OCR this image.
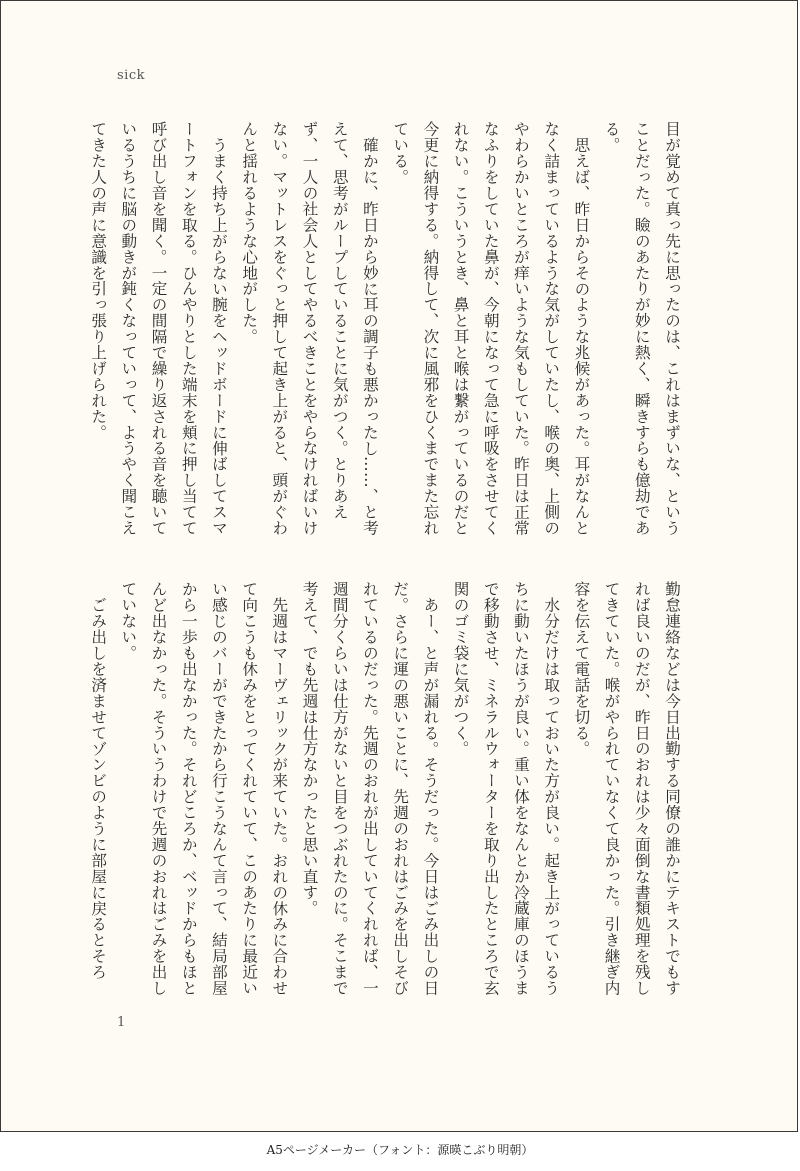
sick

目が覚めて真っ先に思ったのは、これはまずいな、ということだった。瞼のあたりが妙に熱く、瞬きすらも億劫である。

思えば、昨日からそのような兆候があった。耳がなんとなく詰まっているような気がしていたし、喉の奥、上側のやわらかいところが痒いような気もしていた。昨日は正常なふりをしていた鼻が、今朝になって急に呼吸をさせてくれない。こういうとき、鼻と耳と喉は繋がっているのだと今更に納得する。納得して、次に風邪をひくまでまた忘れている。

確かに、昨日から妙に耳の調子も悪かったし……、と考えて、思考がループしていることに気がつく。とりあえず、一人の社会人としてやるべきことをやらなければいけない。マットレスをぐっと押して起き上がると、頭がぐわんと揺れるような心地がした。

うまく持ち上がらない腕をヘッドボードに伸ばしてスマートフォンを取る。ひんやりとした端末を頬に押し当てて呼び出し音を聞く。一定の間隔で繰り返される音を聴いているうちに脳の動きが鈍くなっていって、ようやく聞こえてきた人の声に意識を引っ張り上げられた。

勤怠連絡などは今日出勤する同僚の誰かにテキストでもすれば良いのだが、昨日のおれは少々面倒な書類処理を残してきていた。喉がやられていなくて良かった。引き継ぎ内容を伝えて電話を切る。

水分だけは取っておいた方が良い。起き上がっているうちに動いたほうが良い。重い体をなんとか冷蔵庫のほうまで移動させ、ミネラルウォーターを取り出したところで玄関のゴミ袋に気がつく。

あー、と声が漏れる。そうだった。今日はごみ出しの日だ。さらに運の悪いことに、先週のおれはごみを出しそびれているのだった。先週のおれが出していてくれれば、一週間分くらいは仕方がないと目をつぶれたのに。そこまで考えて、でも先週は仕方なかったと思い直す。

先週はマーヴェリックが来ていた。おれの休みに合わせて向こうも休みをとってくれていて、このあたりに最近いい感じのバーができたから行こうなんて言って、結局部屋から一歩も出なかった。それどころか、ベッドからもほとんど出なかった。そういうわけで先週のおれはごみを出していない。

ごみ出しを済ませてゾンビのように部屋に戻るとそろ

1
A5ページメーカー（フォント：源暎こぶり明朝）
